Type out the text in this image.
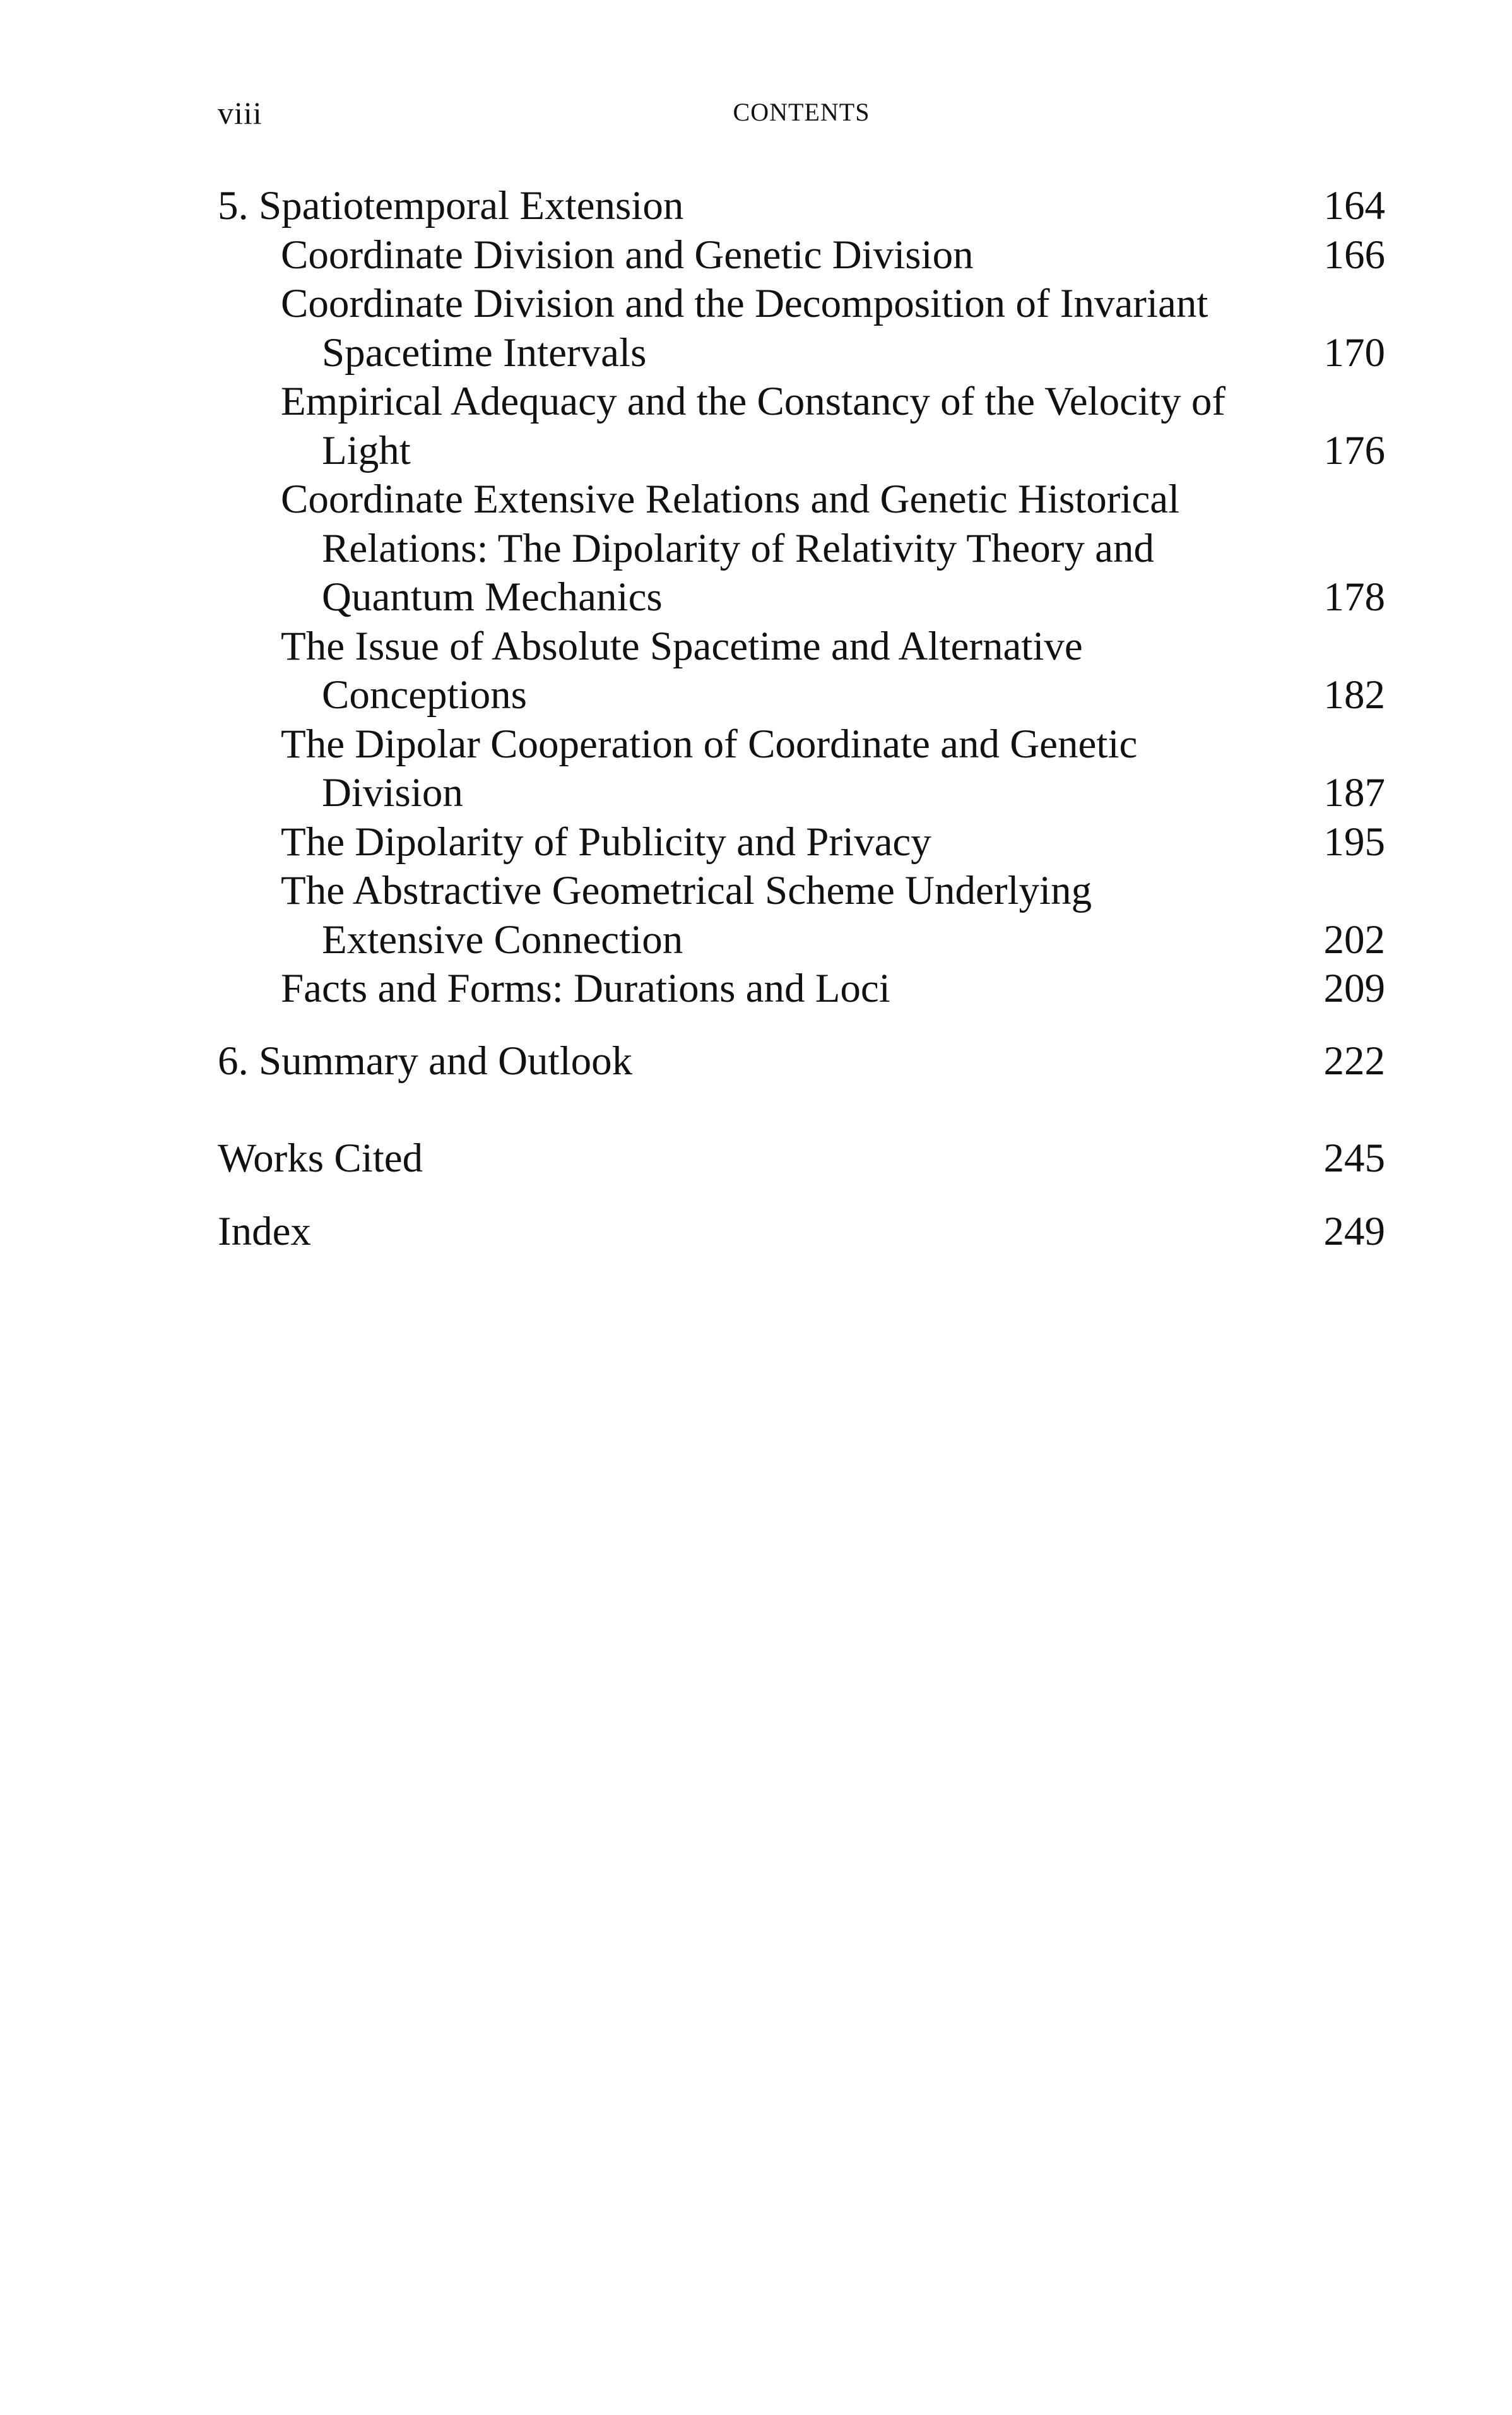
viii	CONTENTS
5. Spatiotemporal Extension	164
Coordinate Division and Genetic Division	166
Coordinate Division and the Decomposition of Invariant Spacetime Intervals	170
Empirical Adequacy and the Constancy of the Velocity of Light	176
Coordinate Extensive Relations and Genetic Historical Relations: The Dipolarity of Relativity Theory and Quantum Mechanics	178
The Issue of Absolute Spacetime and Alternative Conceptions	182
The Dipolar Cooperation of Coordinate and Genetic Division	187
The Dipolarity of Publicity and Privacy	195
The Abstractive Geometrical Scheme Underlying Extensive Connection	202
Facts and Forms: Durations and Loci	209
6. Summary and Outlook	222
Works Cited	245
Index	249
